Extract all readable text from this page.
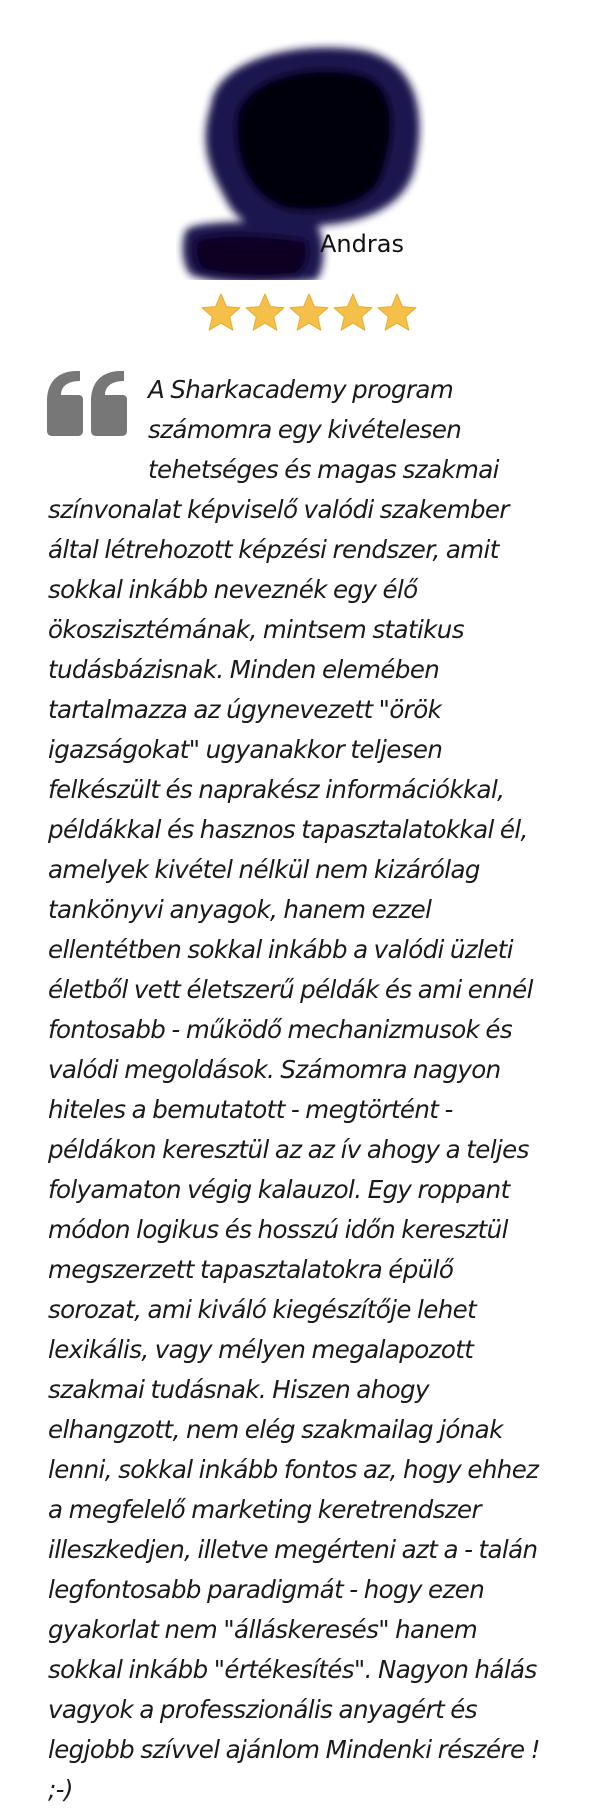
Andras

A Sharkacademy program
számomra egy kivételesen
tehetséges és magas szakmai
színvonalat képviselő valódi szakember
által létrehozott képzési rendszer, amit
sokkal inkább neveznék egy élő
ökoszisztémának, mintsem statikus
tudásbázisnak. Minden elemében
tartalmazza az úgynevezett "örök
igazságokat" ugyanakkor teljesen
felkészült és naprakész információkkal,
példákkal és hasznos tapasztalatokkal él,
amelyek kivétel nélkül nem kizárólag
tankönyvi anyagok, hanem ezzel
ellentétben sokkal inkább a valódi üzleti
életből vett életszerű példák és ami ennél
fontosabb - működő mechanizmusok és
valódi megoldások. Számomra nagyon
hiteles a bemutatott - megtörtént -
példákon keresztül az az ív ahogy a teljes
folyamaton végig kalauzol. Egy roppant
módon logikus és hosszú időn keresztül
megszerzett tapasztalatokra épülő
sorozat, ami kiváló kiegészítője lehet
lexikális, vagy mélyen megalapozott
szakmai tudásnak. Hiszen ahogy
elhangzott, nem elég szakmailag jónak
lenni, sokkal inkább fontos az, hogy ehhez
a megfelelő marketing keretrendszer
illeszkedjen, illetve megérteni azt a - talán
legfontosabb paradigmát - hogy ezen
gyakorlat nem "álláskeresés" hanem
sokkal inkább "értékesítés". Nagyon hálás
vagyok a professzionális anyagért és
legjobb szívvel ajánlom Mindenki részére !
;-)
